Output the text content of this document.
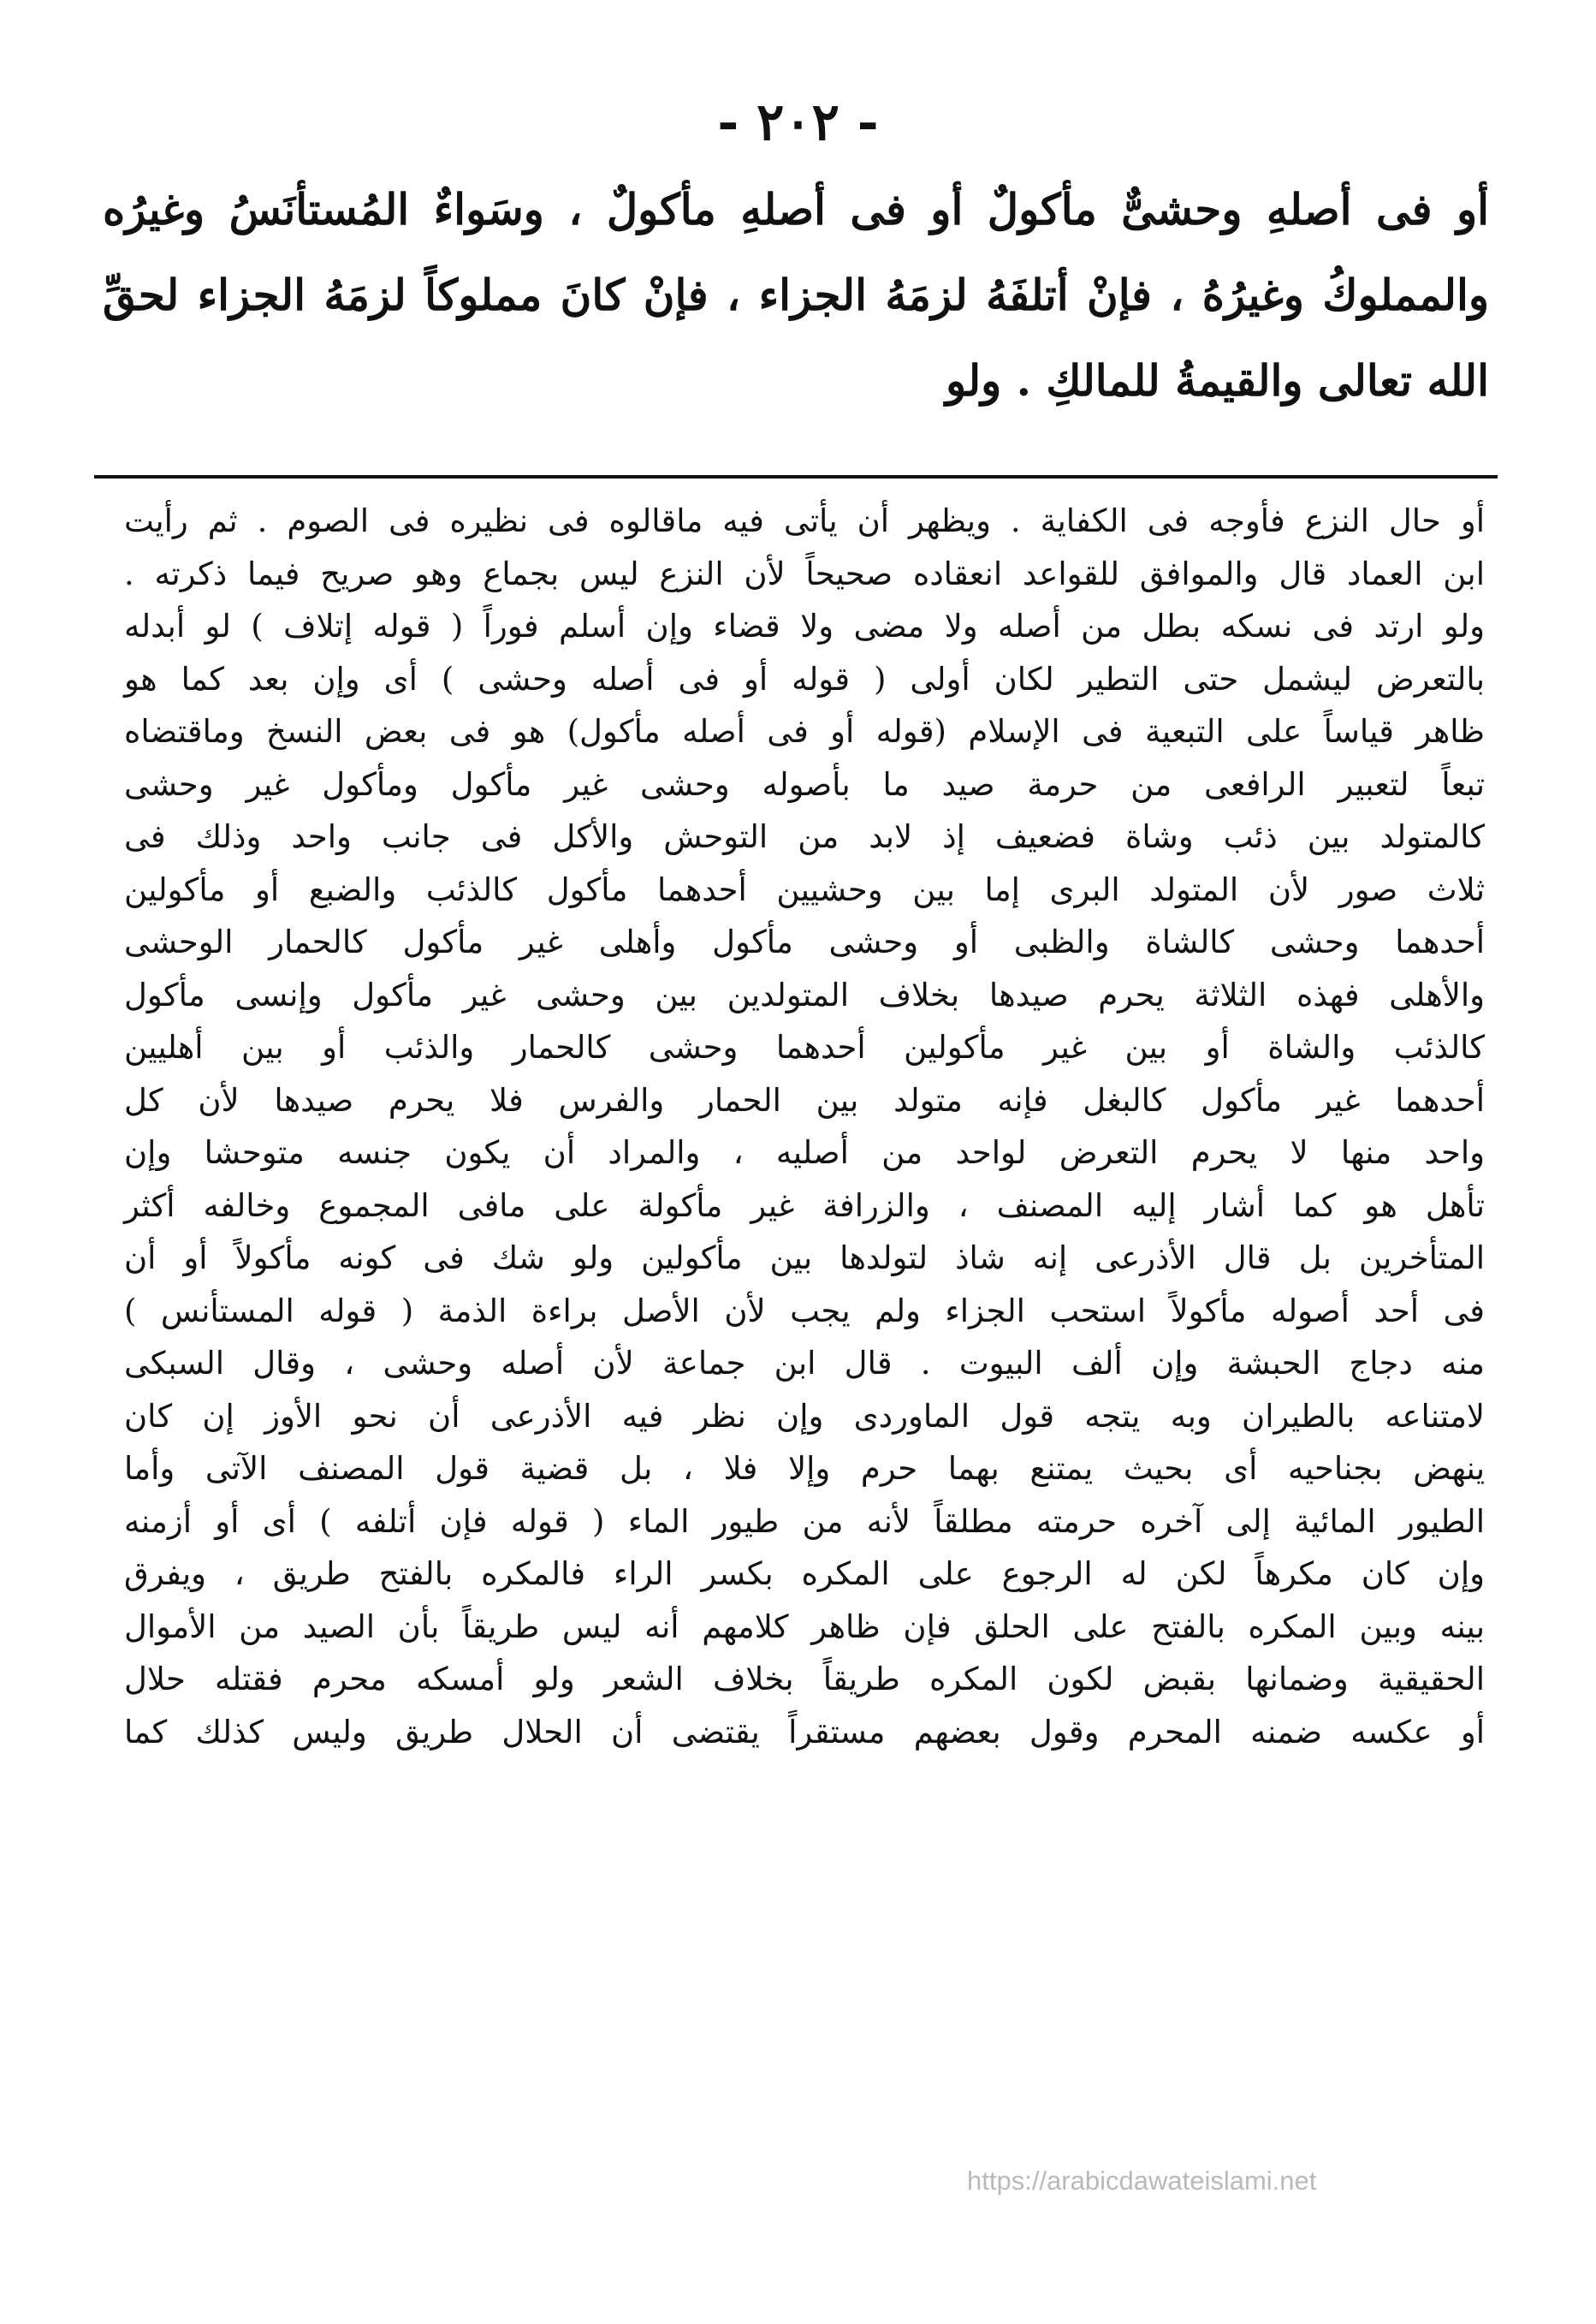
- ٢٠٢ -
أو فى أصلهِ وحشىٌّ مأكولٌ أو فى أصلهِ مأكولٌ ، وسَواءٌ المُستأنَسُ وغيرُه
والمملوكُ وغيرُهُ ، فإنْ أتلفَهُ لزمَهُ الجزاء ، فإنْ كانَ مملوكاً لزمَهُ الجزاء لحقِّ
الله تعالى والقيمةُ للمالكِ . ولو
أو حال النزع فأوجه فى الكفاية . ويظهر أن يأتى فيه ماقالوه فى نظيره فى الصوم . ثم رأيت
ابن العماد قال والموافق للقواعد انعقاده صحيحاً لأن النزع ليس بجماع وهو صريح فيما ذكرته .
ولو ارتد فى نسكه بطل من أصله ولا مضى ولا قضاء وإن أسلم فوراً ( قوله إتلاف ) لو أبدله
بالتعرض ليشمل حتى التطير لكان أولى ( قوله أو فى أصله وحشى ) أى وإن بعد كما هو
ظاهر قياساً على التبعية فى الإسلام (قوله أو فى أصله مأكول) هو فى بعض النسخ وماقتضاه
تبعاً لتعبير الرافعى من حرمة صيد ما بأصوله وحشى غير مأكول ومأكول غير وحشى
كالمتولد بين ذئب وشاة فضعيف إذ لابد من التوحش والأكل فى جانب واحد وذلك فى
ثلاث صور لأن المتولد البرى إما بين وحشيين أحدهما مأكول كالذئب والضبع أو مأكولين
أحدهما وحشى كالشاة والظبى أو وحشى مأكول وأهلى غير مأكول كالحمار الوحشى
والأهلى فهذه الثلاثة يحرم صيدها بخلاف المتولدين بين وحشى غير مأكول وإنسى مأكول
كالذئب والشاة أو بين غير مأكولين أحدهما وحشى كالحمار والذئب أو بين أهليين
أحدهما غير مأكول كالبغل فإنه متولد بين الحمار والفرس فلا يحرم صيدها لأن كل
واحد منها لا يحرم التعرض لواحد من أصليه ، والمراد أن يكون جنسه متوحشا وإن
تأهل هو كما أشار إليه المصنف ، والزرافة غير مأكولة على مافى المجموع وخالفه أكثر
المتأخرين بل قال الأذرعى إنه شاذ لتولدها بين مأكولين ولو شك فى كونه مأكولاً أو أن
فى أحد أصوله مأكولاً استحب الجزاء ولم يجب لأن الأصل براءة الذمة ( قوله المستأنس )
منه دجاج الحبشة وإن ألف البيوت . قال ابن جماعة لأن أصله وحشى ، وقال السبكى
لامتناعه بالطيران وبه يتجه قول الماوردى وإن نظر فيه الأذرعى أن نحو الأوز إن كان
ينهض بجناحيه أى بحيث يمتنع بهما حرم وإلا فلا ، بل قضية قول المصنف الآتى وأما
الطيور المائية إلى آخره حرمته مطلقاً لأنه من طيور الماء ( قوله فإن أتلفه ) أى أو أزمنه
وإن كان مكرهاً لكن له الرجوع على المكره بكسر الراء فالمكره بالفتح طريق ، ويفرق
بينه وبين المكره بالفتح على الحلق فإن ظاهر كلامهم أنه ليس طريقاً بأن الصيد من الأموال
الحقيقية وضمانها بقبض لكون المكره طريقاً بخلاف الشعر ولو أمسكه محرم فقتله حلال
أو عكسه ضمنه المحرم وقول بعضهم مستقراً يقتضى أن الحلال طريق وليس كذلك كما
https://arabicdawateislami.net
